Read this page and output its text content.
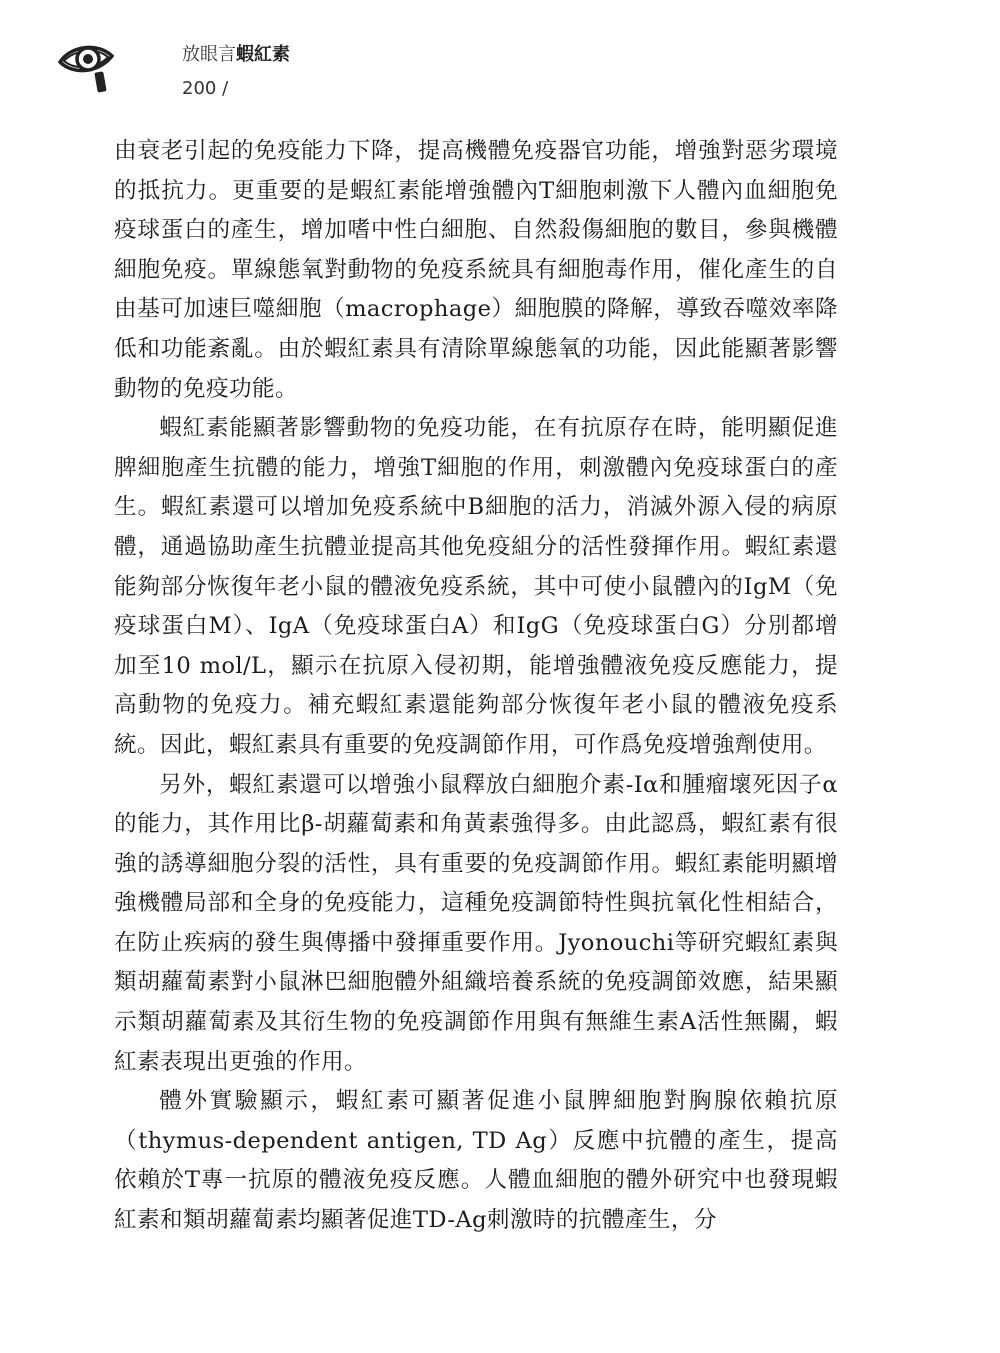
放眼言蝦紅素
200 /

由衰老引起的免疫能力下降，提高機體免疫器官功能，增強對惡劣環境的抵抗力。更重要的是蝦紅素能增強體內T細胞刺激下人體內血細胞免疫球蛋白的產生，增加嗜中性白細胞、自然殺傷細胞的數目，參與機體細胞免疫。單線態氧對動物的免疫系統具有細胞毒作用，催化產生的自由基可加速巨噬細胞（macrophage）細胞膜的降解，導致吞噬效率降低和功能紊亂。由於蝦紅素具有清除單線態氧的功能，因此能顯著影響動物的免疫功能。

蝦紅素能顯著影響動物的免疫功能，在有抗原存在時，能明顯促進脾細胞產生抗體的能力，增強T細胞的作用，刺激體內免疫球蛋白的產生。蝦紅素還可以增加免疫系統中B細胞的活力，消滅外源入侵的病原體，通過協助產生抗體並提高其他免疫組分的活性發揮作用。蝦紅素還能夠部分恢復年老小鼠的體液免疫系統，其中可使小鼠體內的IgM（免疫球蛋白M）、IgA（免疫球蛋白A）和IgG（免疫球蛋白G）分別都增加至10 mol/L，顯示在抗原入侵初期，能增強體液免疫反應能力，提高動物的免疫力。補充蝦紅素還能夠部分恢復年老小鼠的體液免疫系統。因此，蝦紅素具有重要的免疫調節作用，可作爲免疫增強劑使用。

另外，蝦紅素還可以增強小鼠釋放白細胞介素-Iα和腫瘤壞死因子α的能力，其作用比β-胡蘿蔔素和角黃素強得多。由此認爲，蝦紅素有很強的誘導細胞分裂的活性，具有重要的免疫調節作用。蝦紅素能明顯增強機體局部和全身的免疫能力，這種免疫調節特性與抗氧化性相結合，在防止疾病的發生與傳播中發揮重要作用。Jyonouchi等研究蝦紅素與類胡蘿蔔素對小鼠淋巴細胞體外組織培養系統的免疫調節效應，結果顯示類胡蘿蔔素及其衍生物的免疫調節作用與有無維生素A活性無關，蝦紅素表現出更強的作用。

體外實驗顯示，蝦紅素可顯著促進小鼠脾細胞對胸腺依賴抗原（thymus-dependent antigen, TD Ag）反應中抗體的產生，提高依賴於T專一抗原的體液免疫反應。人體血細胞的體外研究中也發現蝦紅素和類胡蘿蔔素均顯著促進TD-Ag刺激時的抗體產生，分
